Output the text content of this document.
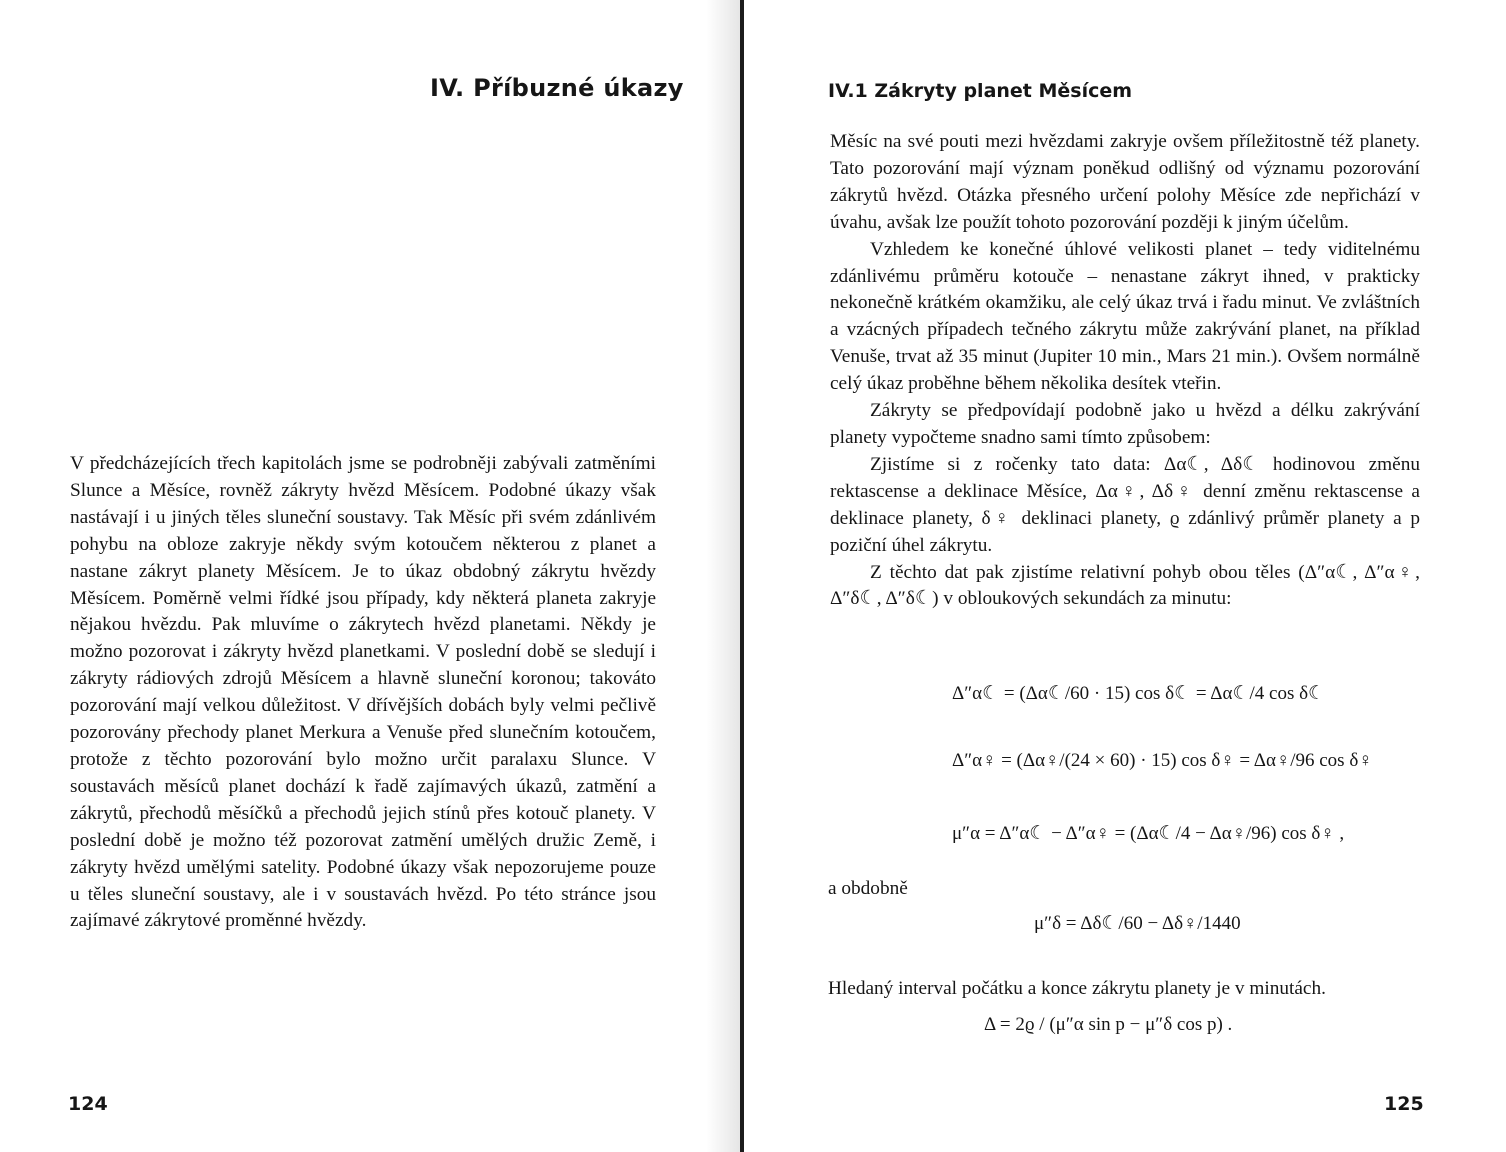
IV. Příbuzné úkazy

V předcházejících třech kapitolách jsme se podrobněji zabývali zatměními Slunce a Měsíce, rovněž zákryty hvězd Měsícem. Podobné úkazy však nastávají i u jiných těles sluneční soustavy. Tak Měsíc při svém zdánlivém pohybu na obloze zakryje někdy svým kotoučem některou z planet a nastane zákryt planety Měsícem. Je to úkaz obdobný zákrytu hvězdy Měsícem. Poměrně velmi řídké jsou případy, kdy některá planeta zakryje nějakou hvězdu. Pak mluvíme o zákrytech hvězd planetami. Někdy je možno pozorovat i zákryty hvězd planetkami. V poslední době se sledují i zákryty rádiových zdrojů Měsícem a hlavně sluneční koronou; takováto pozorování mají velkou důležitost. V dřívějších dobách byly velmi pečlivě pozorovány přechody planet Merkura a Venuše před slunečním kotoučem, protože z těchto pozorování bylo možno určit paralaxu Slunce. V soustavách měsíců planet dochází k řadě zajímavých úkazů, zatmění a zákrytů, přechodů měsíčků a přechodů jejich stínů přes kotouč planety. V poslední době je možno též pozorovat zatmění umělých družic Země, i zákryty hvězd umělými satelity. Podobné úkazy však nepozorujeme pouze u těles sluneční soustavy, ale i v soustavách hvězd. Po této stránce jsou zajímavé zákrytové proměnné hvězdy.

124
IV.1 Zákryty planet Měsícem

Měsíc na své pouti mezi hvězdami zakryje ovšem příležitostně též planety. Tato pozorování mají význam poněkud odlišný od významu pozorování zákrytů hvězd. Otázka přesného určení polohy Měsíce zde nepřichází v úvahu, avšak lze použít tohoto pozorování později k jiným účelům.

Vzhledem ke konečné úhlové velikosti planet – tedy viditelnému zdánlivému průměru kotouče – nenastane zákryt ihned, v prakticky nekonečně krátkém okamžiku, ale celý úkaz trvá i řadu minut. Ve zvláštních a vzácných případech tečného zákrytu může zakrývání planet, na příklad Venuše, trvat až 35 minut (Jupiter 10 min., Mars 21 min.). Ovšem normálně celý úkaz proběhne během několika desítek vteřin.

Zákryty se předpovídají podobně jako u hvězd a délku zakrývání planety vypočteme snadno sami tímto způsobem:

Zjistíme si z ročenky tato data: Δα☾, Δδ☾ hodinovou změnu rektascense a deklinace Měsíce, Δα♀, Δδ♀ denní změnu rektascense a deklinace planety, δ♀ deklinaci planety, ϱ zdánlivý průměr planety a p poziční úhel zákrytu.

Z těchto dat pak zjistíme relativní pohyb obou těles (Δ″α☾, Δ″α♀, Δ″δ☾, Δ″δ☾) v obloukových sekundách za minutu:

Δ″α☾ = (Δα☾/60 · 15) cos δ☾ = Δα☾/4 cos δ☾
Δ″α♀ = (Δα♀/(24 × 60) · 15) cos δ♀ = Δα♀/96 cos δ♀
μ″α = Δ″α☾ − Δ″α♀ = (Δα☾/4 − Δα♀/96) cos δ♀ ,
a obdobně
μ″δ = Δδ☾/60 − Δδ♀/1440
Hledaný interval počátku a konce zákrytu planety je v minutách.
Δ = 2ϱ / (μ″α sin p − μ″δ cos p) .
125
